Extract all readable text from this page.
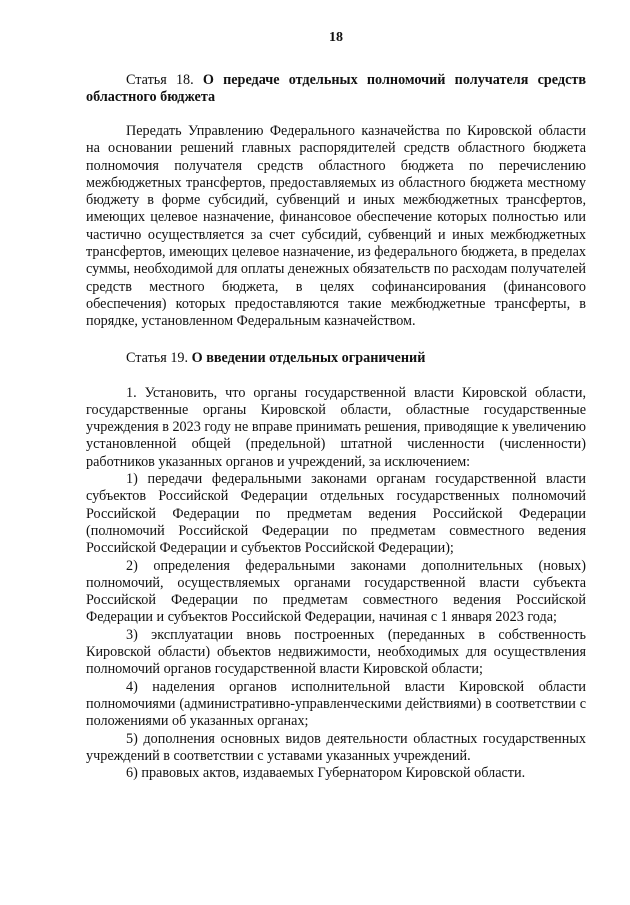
18

Статья 18. О передаче отдельных полномочий получателя средств областного бюджета

Передать Управлению Федерального казначейства по Кировской области на основании решений главных распорядителей средств областного бюджета полномочия получателя средств областного бюджета по перечислению межбюджетных трансфертов, предоставляемых из областного бюджета местному бюджету в форме субсидий, субвенций и иных межбюджетных трансфертов, имеющих целевое назначение, финансовое обеспечение которых полностью или частично осуществляется за счет субсидий, субвенций и иных межбюджетных трансфертов, имеющих целевое назначение, из федерального бюджета, в пределах суммы, необходимой для оплаты денежных обязательств по расходам получателей средств местного бюджета, в целях софинансирования (финансового обеспечения) которых предоставляются такие межбюджетные трансферты, в порядке, установленном Федеральным казначейством.

Статья 19. О введении отдельных ограничений

1. Установить, что органы государственной власти Кировской области, государственные органы Кировской области, областные государственные учреждения в 2023 году не вправе принимать решения, приводящие к увеличению установленной общей (предельной) штатной численности (численности) работников указанных органов и учреждений, за исключением:

1) передачи федеральными законами органам государственной власти субъектов Российской Федерации отдельных государственных полномочий Российской Федерации по предметам ведения Российской Федерации (полномочий Российской Федерации по предметам совместного ведения Российской Федерации и субъектов Российской Федерации);

2) определения федеральными законами дополнительных (новых) полномочий, осуществляемых органами государственной власти субъекта Российской Федерации по предметам совместного ведения Российской Федерации и субъектов Российской Федерации, начиная с 1 января 2023 года;

3) эксплуатации вновь построенных (переданных в собственность Кировской области) объектов недвижимости, необходимых для осуществления полномочий органов государственной власти Кировской области;

4) наделения органов исполнительной власти Кировской области полномочиями (административно-управленческими действиями) в соответствии с положениями об указанных органах;

5) дополнения основных видов деятельности областных государственных учреждений в соответствии с уставами указанных учреждений.

6) правовых актов, издаваемых Губернатором Кировской области.
